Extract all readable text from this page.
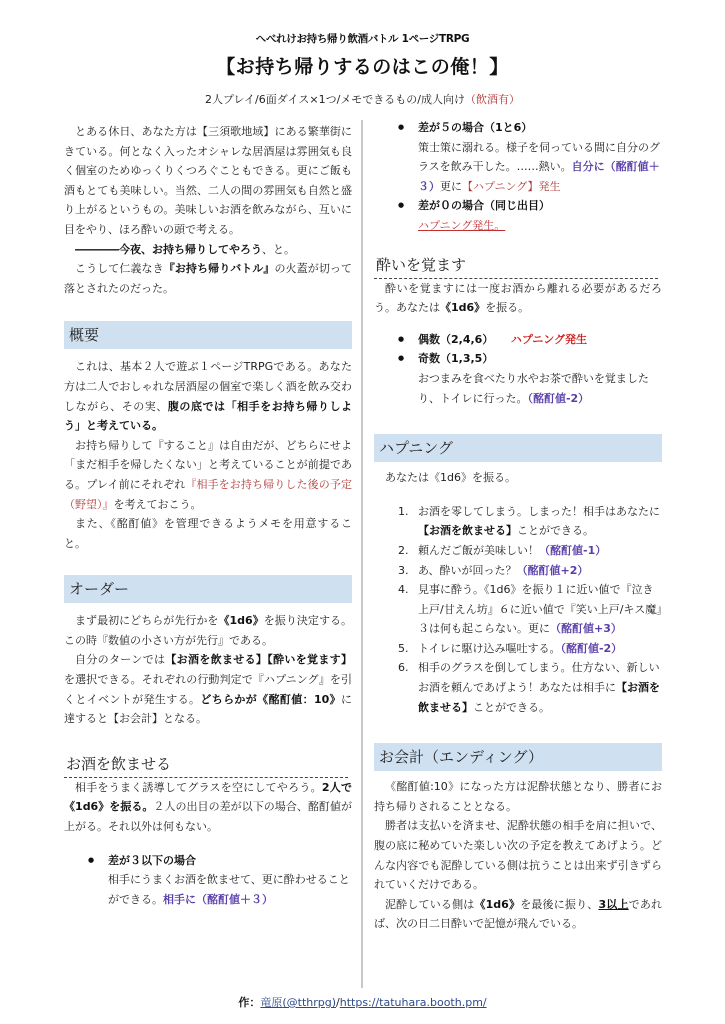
へべれけお持ち帰り飲酒バトル 1ページTRPG
【お持ち帰りするのはこの俺！】
2人プレイ/6面ダイス×1つ/メモできるもの/成人向け（飲酒有）

とある休日、あなた方は【三須歌地域】にある繁華街にきている。何となく入ったオシャレな居酒屋は雰囲気も良く個室のためゆっくりくつろぐこともできる。更にご飯も酒もとても美味しい。当然、二人の間の雰囲気も自然と盛り上がるというもの。美味しいお酒を飲みながら、互いに目をやり、ほろ酔いの頭で考える。

――――今夜、お持ち帰りしてやろう、と。

こうして仁義なき『お持ち帰りバトル』の火蓋が切って落とされたのだった。

概要

これは、基本２人で遊ぶ１ページTRPGである。あなた方は二人でおしゃれな居酒屋の個室で楽しく酒を飲み交わしながら、その実、腹の底では「相手をお持ち帰りしよう」と考えている。

お持ち帰りして『すること』は自由だが、どちらにせよ「まだ相手を帰したくない」と考えていることが前提である。プレイ前にそれぞれ『相手をお持ち帰りした後の予定（野望）』を考えておこう。

また、《酩酊値》を管理できるようメモを用意すること。

オーダー

まず最初にどちらが先行かを《1d6》を振り決定する。この時『数値の小さい方が先行』である。

自分のターンでは【お酒を飲ませる】【酔いを覚ます】を選択できる。それぞれの行動判定で『ハプニング』を引くとイベントが発生する。どちらかが《酩酊値：10》に達すると【お会計】となる。

お酒を飲ませる

相手をうまく誘導してグラスを空にしてやろう。2人で《1d6》を振る。２人の出目の差が以下の場合、酩酊値が上がる。それ以外は何もない。

● 差が３以下の場合
相手にうまくお酒を飲ませて、更に酔わせることができる。相手に（酩酊値＋３）
● 差が５の場合（1と6）
策士策に溺れる。様子を伺っている間に自分のグラスを飲み干した。……熱い。自分に（酩酊値＋３）更に【ハプニング】発生
● 差が０の場合（同じ出目）
ハプニング発生。
酔いを覚ます

酔いを覚ますには一度お酒から離れる必要があるだろう。あなたは《1d6》を振る。

● 偶数（2,4,6） ハプニング発生
● 奇数（1,3,5）
おつまみを食べたり水やお茶で酔いを覚ましたり、トイレに行った。（酩酊値-2）
ハプニング

あなたは《1d6》を振る。

1. お酒を零してしまう。しまった！相手はあなたに【お酒を飲ませる】ことができる。
2. 頼んだご飯が美味しい！（酩酊値-1）
3. あ、酔いが回った？（酩酊値+2）
4. 見事に酔う。《1d6》を振り１に近い値で『泣き上戸/甘えん坊』６に近い値で『笑い上戸/キス魔』３は何も起こらない。更に（酩酊値+3）
5. トイレに駆け込み嘔吐する。（酩酊値-2）
6. 相手のグラスを倒してしまう。仕方ない、新しいお酒を頼んであげよう！あなたは相手に【お酒を飲ませる】ことができる。
お会計（エンディング）

《酩酊値:10》になった方は泥酔状態となり、勝者にお持ち帰りされることとなる。

勝者は支払いを済ませ、泥酔状態の相手を肩に担いで、腹の底に秘めていた楽しい次の予定を教えてあげよう。どんな内容でも泥酔している側は抗うことは出来ず引きずられていくだけである。

泥酔している側は《1d6》を最後に振り、3以上であれば、次の日二日酔いで記憶が飛んでいる。

作：竜原(@tthrpg)/https://tatuhara.booth.pm/
